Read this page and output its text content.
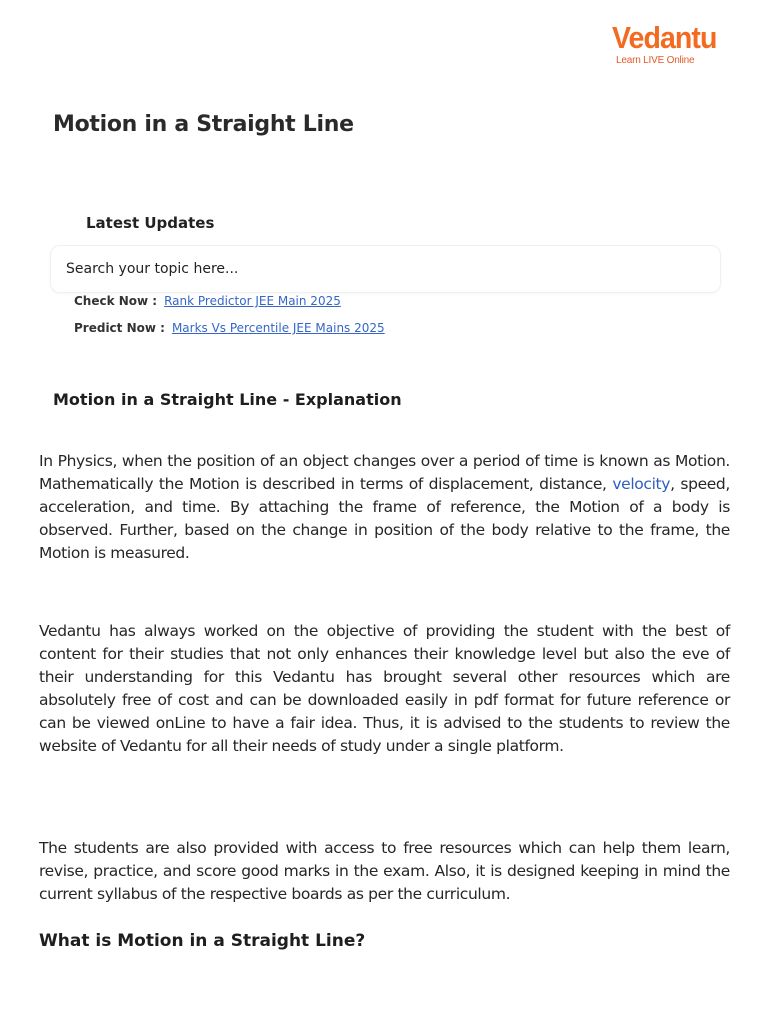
Vedantu
Learn LIVE Online
Motion in a Straight Line
Latest Updates
Search your topic here...
Check Now : Rank Predictor JEE Main 2025
Predict Now : Marks Vs Percentile JEE Mains 2025
Motion in a Straight Line - Explanation

In Physics, when the position of an object changes over a period of time is known as Motion. Mathematically the Motion is described in terms of displacement, distance, velocity, speed, acceleration, and time. By attaching the frame of reference, the Motion of a body is observed. Further, based on the change in position of the body relative to the frame, the Motion is measured.

Vedantu has always worked on the objective of providing the student with the best of content for their studies that not only enhances their knowledge level but also the eve of their understanding for this Vedantu has brought several other resources which are absolutely free of cost and can be downloaded easily in pdf format for future reference or can be viewed onLine to have a fair idea. Thus, it is advised to the students to review the website of Vedantu for all their needs of study under a single platform.

The students are also provided with access to free resources which can help them learn, revise, practice, and score good marks in the exam. Also, it is designed keeping in mind the current syllabus of the respective boards as per the curriculum.

What is Motion in a Straight Line?
